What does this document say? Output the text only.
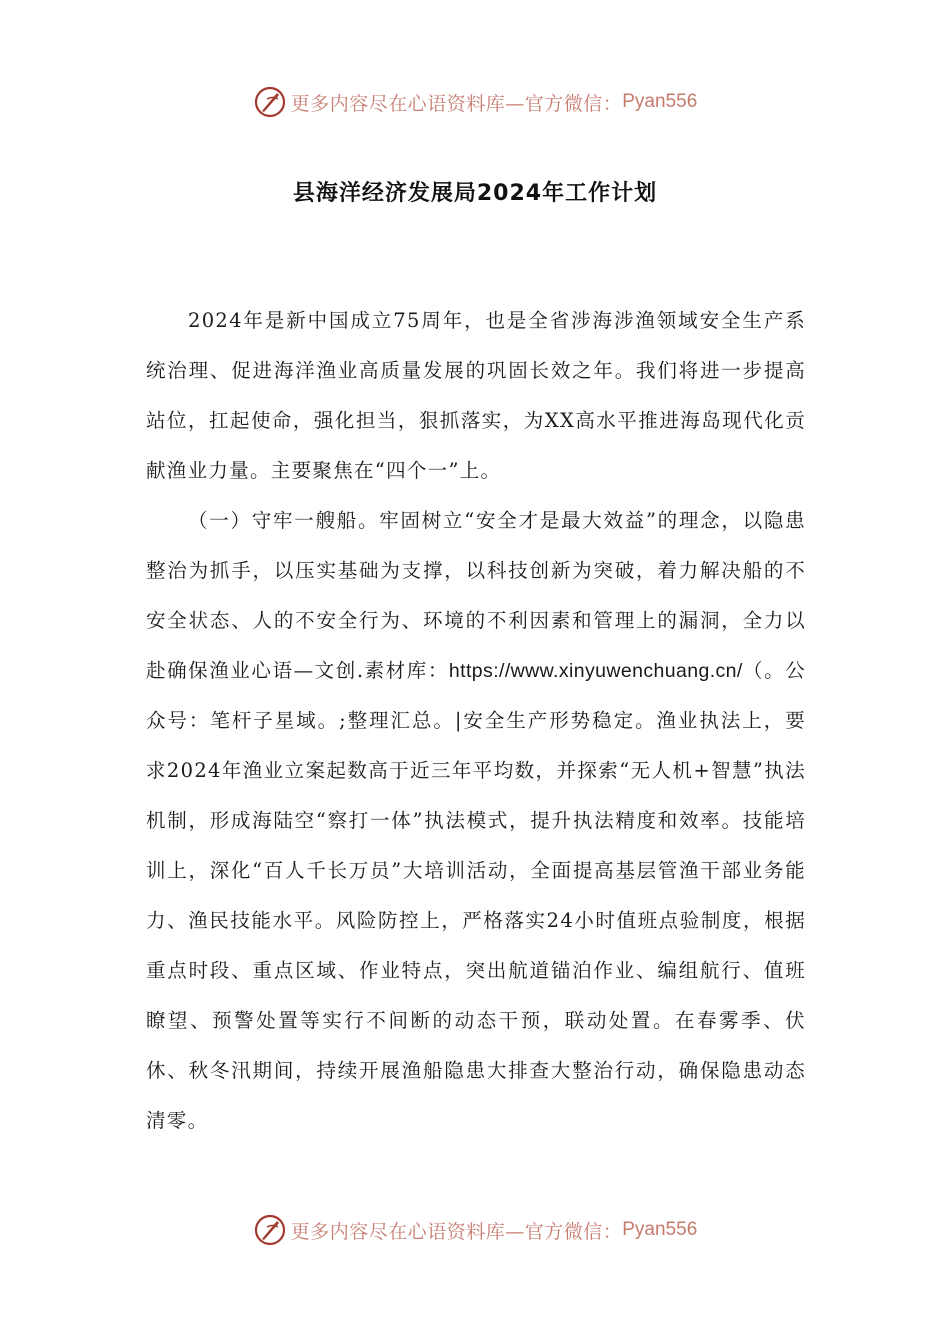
更多内容尽在心语资料库—官方微信： Pyan556
县海洋经济发展局2024年工作计划

2024年是新中国成立75周年，也是全省涉海涉渔领域安全生产系统治理、促进海洋渔业高质量发展的巩固长效之年。我们将进一步提高站位，扛起使命，强化担当，狠抓落实，为XX高水平推进海岛现代化贡献渔业力量。主要聚焦在“四个一”上。

（一）守牢一艘船。牢固树立“安全才是最大效益”的理念，以隐患整治为抓手，以压实基础为支撑，以科技创新为突破，着力解决船的不安全状态、人的不安全行为、环境的不利因素和管理上的漏洞，全力以赴确保渔业心语—文创.素材库：https://www.xinyuwenchuang.cn/（。公众号：笔杆子星域。;整理汇总。|安全生产形势稳定。渔业执法上，要求2024年渔业立案起数高于近三年平均数，并探索“无人机+智慧”执法机制，形成海陆空“察打一体”执法模式，提升执法精度和效率。技能培训上，深化“百人千长万员”大培训活动，全面提高基层管渔干部业务能力、渔民技能水平。风险防控上，严格落实24小时值班点验制度，根据重点时段、重点区域、作业特点，突出航道锚泊作业、编组航行、值班瞭望、预警处置等实行不间断的动态干预，联动处置。在春雾季、伏休、秋冬汛期间，持续开展渔船隐患大排查大整治行动，确保隐患动态清零。

更多内容尽在心语资料库—官方微信： Pyan556
